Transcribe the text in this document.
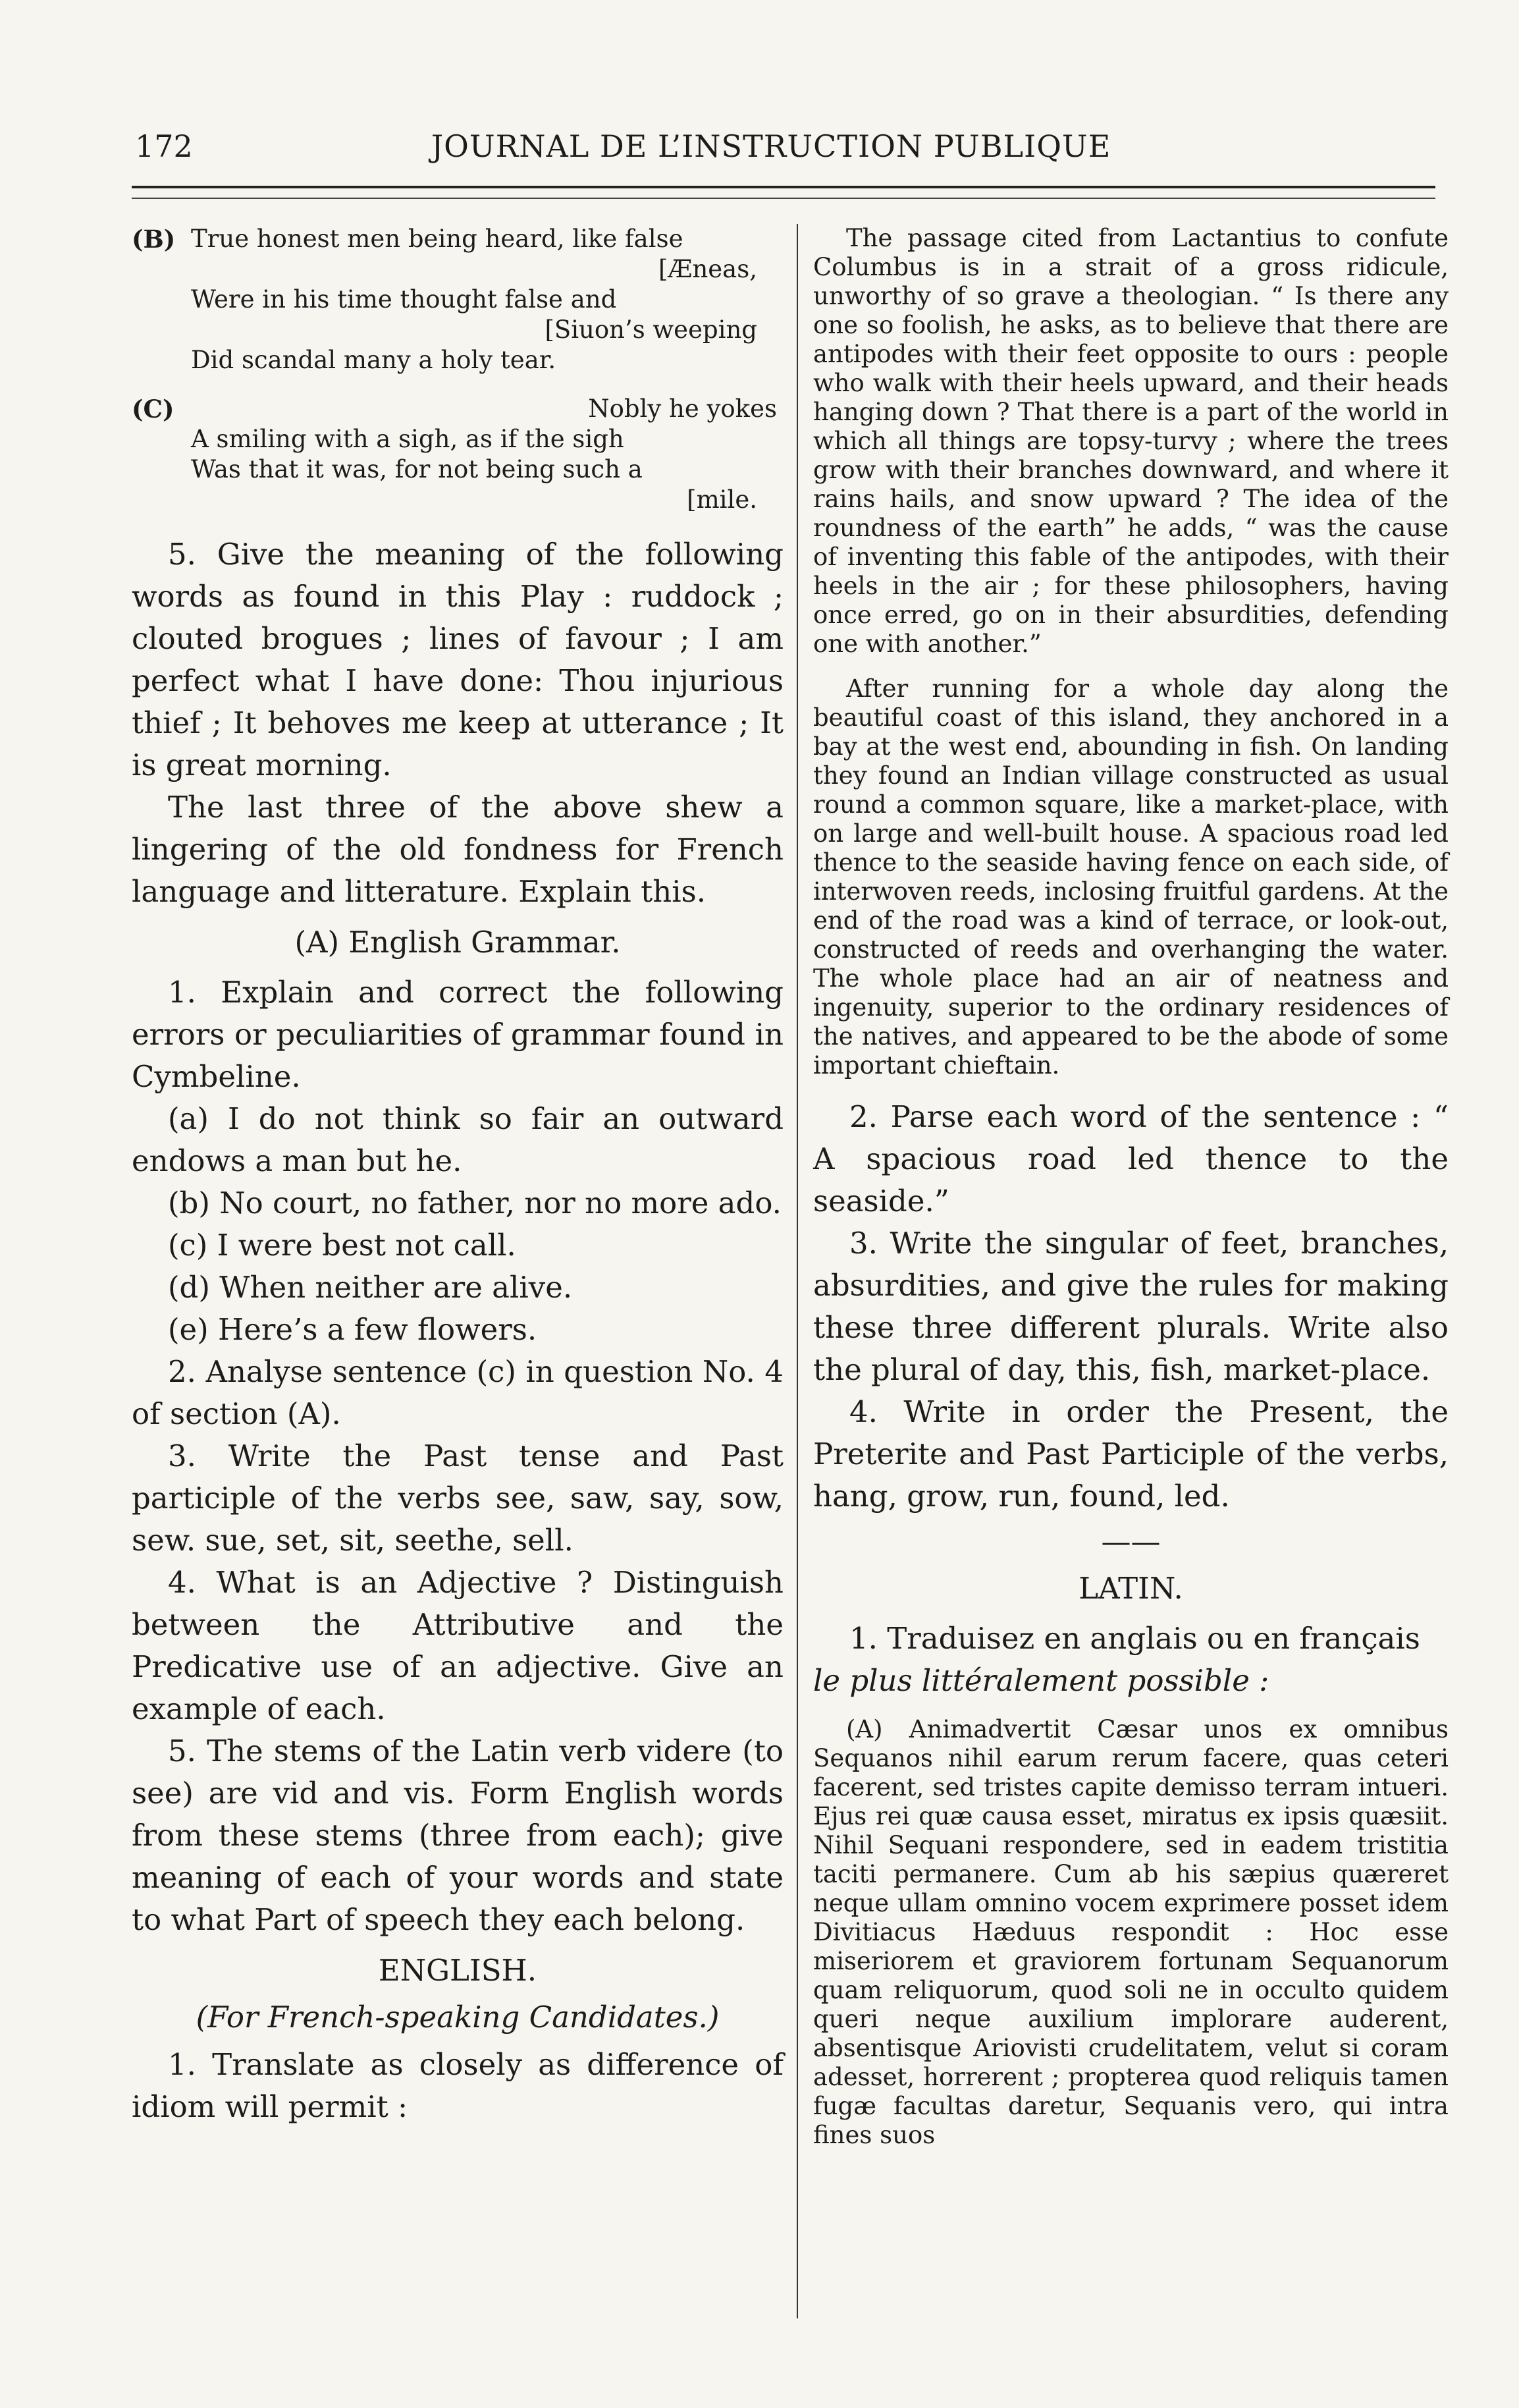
172	JOURNAL DE L’INSTRUCTION PUBLIQUE
(B) True honest men being heard, like false
[Æneas,
Were in his time thought false and
[Siuon’s weeping
Did scandal many a holy tear.
(C)	Nobly he yokes
A smiling with a sigh, as if the sigh
Was that it was, for not being such a
[mile.

5. Give the meaning of the following words as found in this Play : ruddock ; clouted brogues ; lines of favour ; I am perfect what I have done: Thou injurious thief ; It behoves me keep at utterance ; It is great morning.

The last three of the above shew a lingering of the old fondness for French language and litterature. Explain this.

(A) English Grammar.

1. Explain and correct the following errors or peculiarities of grammar found in Cymbeline.

(a) I do not think so fair an outward endows a man but he.

(b) No court, no father, nor no more ado.

(c) I were best not call.

(d) When neither are alive.

(e) Here’s a few flowers.

2. Analyse sentence (c) in question No. 4 of section (A).

3. Write the Past tense and Past participle of the verbs see, saw, say, sow, sew. sue, set, sit, seethe, sell.

4. What is an Adjective ? Distinguish between the Attributive and the Predicative use of an adjective. Give an example of each.

5. The stems of the Latin verb videre (to see) are vid and vis. Form English words from these stems (three from each); give meaning of each of your words and state to what Part of speech they each belong.

ENGLISH.
(For French-speaking Candidates.)

1. Translate as closely as difference of idiom will permit :

The passage cited from Lactantius to confute Columbus is in a strait of a gross ridicule, unworthy of so grave a theologian. “ Is there any one so foolish, he asks, as to believe that there are antipodes with their feet opposite to ours : people who walk with their heels upward, and their heads hanging down ? That there is a part of the world in which all things are topsy-turvy ; where the trees grow with their branches downward, and where it rains hails, and snow upward ? The idea of the roundness of the earth” he adds, “ was the cause of inventing this fable of the antipodes, with their heels in the air ; for these philosophers, having once erred, go on in their absurdities, defending one with another.”

After running for a whole day along the beautiful coast of this island, they anchored in a bay at the west end, abounding in fish. On landing they found an Indian village constructed as usual round a common square, like a market-place, with on large and well-built house. A spacious road led thence to the seaside having fence on each side, of interwoven reeds, inclosing fruitful gardens. At the end of the road was a kind of terrace, or look-out, constructed of reeds and overhanging the water. The whole place had an air of neatness and ingenuity, superior to the ordinary residences of the natives, and appeared to be the abode of some important chieftain.

2. Parse each word of the sentence : “ A spacious road led thence to the seaside.”

3. Write the singular of feet, branches, absurdities, and give the rules for making these three different plurals. Write also the plural of day, this, fish, market-place.

4. Write in order the Present, the Preterite and Past Participle of the verbs, hang, grow, run, found, led.

——
LATIN.

1. Traduisez en anglais ou en français

le plus littéralement possible :

(A) Animadvertit Cæsar unos ex omnibus Sequanos nihil earum rerum facere, quas ceteri facerent, sed tristes capite demisso terram intueri. Ejus rei quæ causa esset, miratus ex ipsis quæsiit. Nihil Sequani respondere, sed in eadem tristitia taciti permanere. Cum ab his sæpius quæreret neque ullam omnino vocem exprimere posset idem Divitiacus Hæduus respondit : Hoc esse miseriorem et graviorem fortunam Sequanorum quam reliquorum, quod soli ne in occulto quidem queri neque auxilium implorare auderent, absentisque Ariovisti crudelitatem, velut si coram adesset, horrerent ; propterea quod reliquis tamen fugæ facultas daretur, Sequanis vero, qui intra fines suos
